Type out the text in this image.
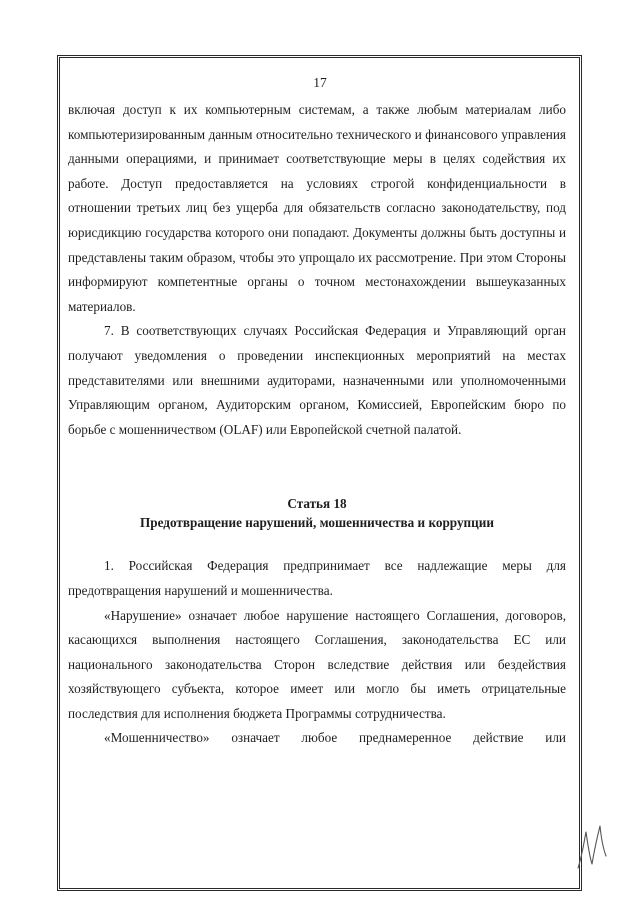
17

включая доступ к их компьютерным системам, а также любым материалам либо компьютеризированным данным относительно технического и финансового управления данными операциями, и принимает соответствующие меры в целях содействия их работе. Доступ предоставляется на условиях строгой конфиденциальности в отношении третьих лиц без ущерба для обязательств согласно законодательству, под юрисдикцию государства которого они попадают. Документы должны быть доступны и представлены таким образом, чтобы это упрощало их рассмотрение. При этом Стороны информируют компетентные органы о точном местонахождении вышеуказанных материалов.

7. В соответствующих случаях Российская Федерация и Управляющий орган получают уведомления о проведении инспекционных мероприятий на местах представителями или внешними аудиторами, назначенными или уполномоченными Управляющим органом, Аудиторским органом, Комиссией, Европейским бюро по борьбе с мошенничеством (OLAF) или Европейской счетной палатой.

Статья 18

Предотвращение нарушений, мошенничества и коррупции

1. Российская Федерация предпринимает все надлежащие меры для предотвращения нарушений и мошенничества.

«Нарушение» означает любое нарушение настоящего Соглашения, договоров, касающихся выполнения настоящего Соглашения, законодательства ЕС или национального законодательства Сторон вследствие действия или бездействия хозяйствующего субъекта, которое имеет или могло бы иметь отрицательные последствия для исполнения бюджета Программы сотрудничества.

«Мошенничество» означает любое преднамеренное действие или
